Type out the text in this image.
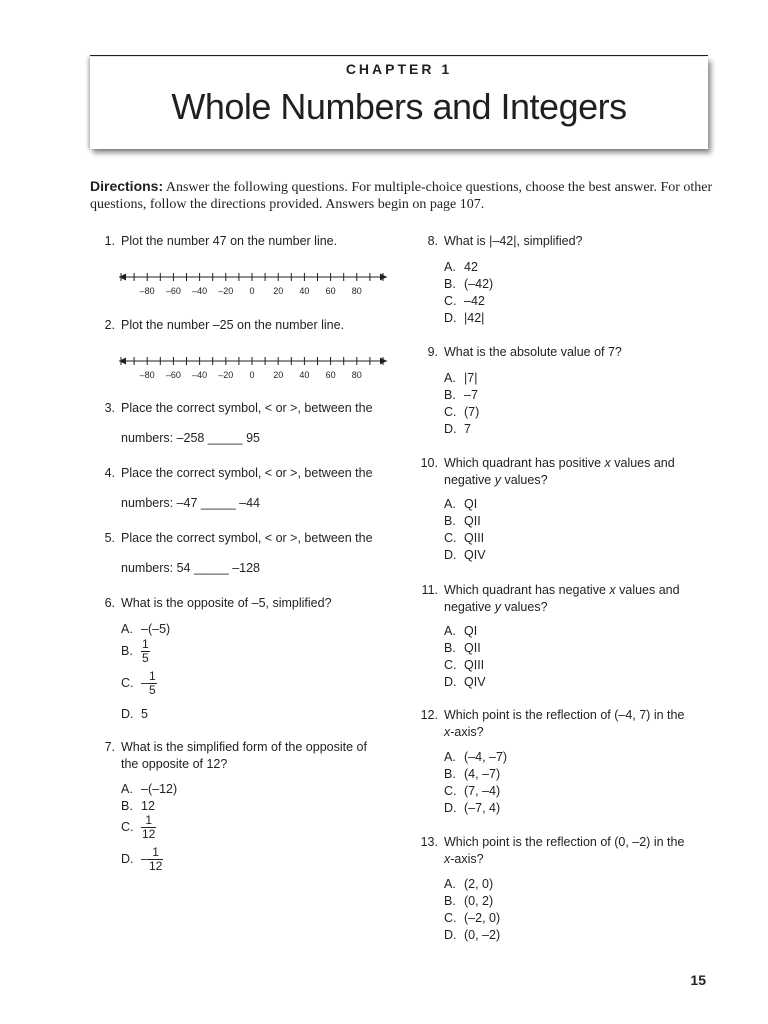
CHAPTER 1
Whole Numbers and Integers
Directions: Answer the following questions. For multiple-choice questions, choose the best answer. For other questions, follow the directions provided. Answers begin on page 107.
1. Plot the number 47 on the number line.
2. Plot the number –25 on the number line.
3. Place the correct symbol, < or >, between the
numbers: –258 _____ 95
4. Place the correct symbol, < or >, between the
numbers: –47 _____ –44
5. Place the correct symbol, < or >, between the
numbers: 54 _____ –128
6. What is the opposite of –5, simplified?
A. –(–5)
B. $\frac{1}{5}$
C. – $\frac{1}{5}$
D. 5
7. What is the simplified form of the opposite of
the opposite of 12?
A. –(–12)
B. 12
C. $\frac{1}{12}$
D. – $\frac{1}{12}$
8. What is |–42|, simplified?
A. 42
B. (–42)
C. –42
D. |42|
9. What is the absolute value of 7?
A. |7|
B. –7
C. (7)
D. 7
10. Which quadrant has positive x values and
negative y values?
A. QI
B. QII
C. QIII
D. QIV
11. Which quadrant has negative x values and
negative y values?
A. QI
B. QII
C. QIII
D. QIV
12. Which point is the reflection of (–4, 7) in the
x-axis?
A. (–4, –7)
B. (4, –7)
C. (7, –4)
D. (–7, 4)
13. Which point is the reflection of (0, –2) in the
x-axis?
A. (2, 0)
B. (0, 2)
C. (–2, 0)
D. (0, –2)
–80 –60 –40 –20 0 20 40 60 80
–80 –60 –40 –20 0 20 40 60 80
15
